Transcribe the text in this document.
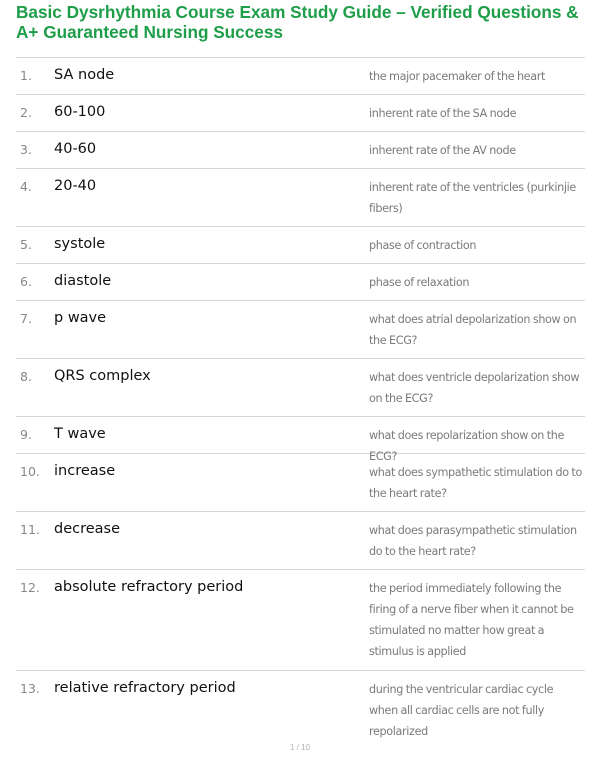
Basic Dysrhythmia Course Exam Study Guide – Verified Questions & A+ Guaranteed Nursing Success
1. SA node	the major pacemaker of the heart
2. 60-100	inherent rate of the SA node
3. 40-60	inherent rate of the AV node
4. 20-40	inherent rate of the ventricles (purkinjie fibers)
5. systole	phase of contraction
6. diastole	phase of relaxation
7. p wave	what does atrial depolarization show on the ECG?
8. QRS complex	what does ventricle depolarization show on the ECG?
9. T wave	what does repolarization show on the ECG?
10. increase	what does sympathetic stimulation do to the heart rate?
11. decrease	what does parasympathetic stimulation do to the heart rate?
12. absolute refractory period	the period immediately following the firing of a nerve fiber when it cannot be stimulated no matter how great a stimulus is applied
13. relative refractory period	during the ventricular cardiac cycle when all cardiac cells are not fully repolarized
1 / 10
